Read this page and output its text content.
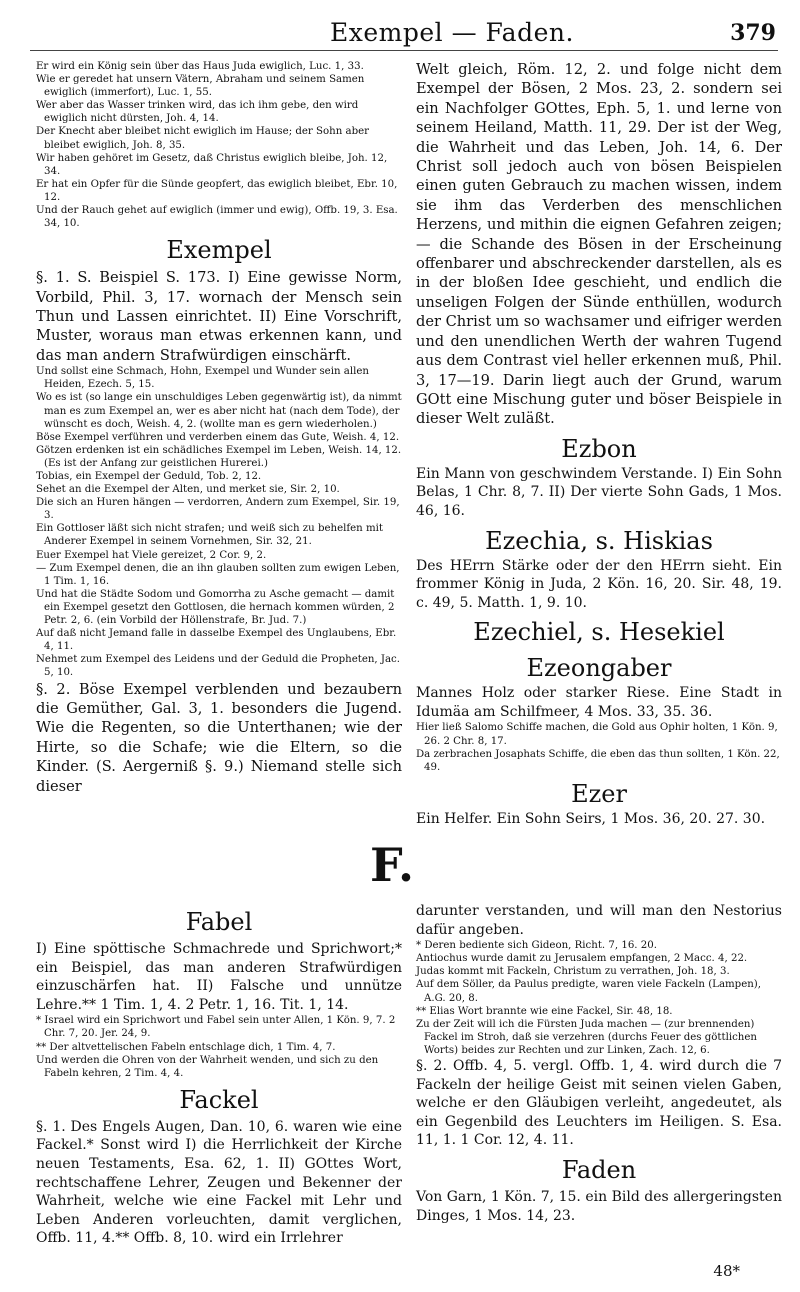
Exempel — Faden.	379

Er wird ein König sein über das Haus Juda ewiglich, Luc. 1, 33.

Wie er geredet hat unsern Vätern, Abraham und seinem Samen ewiglich (immerfort), Luc. 1, 55.

Wer aber das Wasser trinken wird, das ich ihm gebe, den wird ewiglich nicht dürsten, Joh. 4, 14.

Der Knecht aber bleibet nicht ewiglich im Hause; der Sohn aber bleibet ewiglich, Joh. 8, 35.

Wir haben gehöret im Gesetz, daß Christus ewiglich bleibe, Joh. 12, 34.

Er hat ein Opfer für die Sünde geopfert, das ewiglich bleibet, Ebr. 10, 12.

Und der Rauch gehet auf ewiglich (immer und ewig), Offb. 19, 3. Esa. 34, 10.

Exempel

§. 1. S. Beispiel S. 173. I) Eine gewisse Norm, Vorbild, Phil. 3, 17. wornach der Mensch sein Thun und Lassen einrichtet. II) Eine Vorschrift, Muster, woraus man etwas erkennen kann, und das man andern Strafwürdigen einschärft.

Und sollst eine Schmach, Hohn, Exempel und Wunder sein allen Heiden, Ezech. 5, 15.

Wo es ist (so lange ein unschuldiges Leben gegenwärtig ist), da nimmt man es zum Exempel an, wer es aber nicht hat (nach dem Tode), der wünscht es doch, Weish. 4, 2. (wollte man es gern wiederholen.)

Böse Exempel verführen und verderben einem das Gute, Weish. 4, 12.

Götzen erdenken ist ein schädliches Exempel im Leben, Weish. 14, 12. (Es ist der Anfang zur geistlichen Hurerei.)

Tobias, ein Exempel der Geduld, Tob. 2, 12.

Sehet an die Exempel der Alten, und merket sie, Sir. 2, 10.

Die sich an Huren hängen — verdorren, Andern zum Exempel, Sir. 19, 3.

Ein Gottloser läßt sich nicht strafen; und weiß sich zu behelfen mit Anderer Exempel in seinem Vornehmen, Sir. 32, 21.

Euer Exempel hat Viele gereizet, 2 Cor. 9, 2.

— Zum Exempel denen, die an ihn glauben sollten zum ewigen Leben, 1 Tim. 1, 16.

Und hat die Städte Sodom und Gomorrha zu Asche gemacht — damit ein Exempel gesetzt den Gottlosen, die hernach kommen würden, 2 Petr. 2, 6. (ein Vorbild der Höllenstrafe, Br. Jud. 7.)

Auf daß nicht Jemand falle in dasselbe Exempel des Unglaubens, Ebr. 4, 11.

Nehmet zum Exempel des Leidens und der Geduld die Propheten, Jac. 5, 10.

§. 2. Böse Exempel verblenden und bezaubern die Gemüther, Gal. 3, 1. besonders die Jugend. Wie die Regenten, so die Unterthanen; wie der Hirte, so die Schafe; wie die Eltern, so die Kinder. (S. Aergerniß §. 9.) Niemand stelle sich dieser

Welt gleich, Röm. 12, 2. und folge nicht dem Exempel der Bösen, 2 Mos. 23, 2. sondern sei ein Nachfolger GOttes, Eph. 5, 1. und lerne von seinem Heiland, Matth. 11, 29. Der ist der Weg, die Wahrheit und das Leben, Joh. 14, 6. Der Christ soll jedoch auch von bösen Beispielen einen guten Gebrauch zu machen wissen, indem sie ihm das Verderben des menschlichen Herzens, und mithin die eignen Gefahren zeigen; — die Schande des Bösen in der Erscheinung offenbarer und abschreckender darstellen, als es in der bloßen Idee geschieht, und endlich die unseligen Folgen der Sünde enthüllen, wodurch der Christ um so wachsamer und eifriger werden und den unendlichen Werth der wahren Tugend aus dem Contrast viel heller erkennen muß, Phil. 3, 17—19. Darin liegt auch der Grund, warum GOtt eine Mischung guter und böser Beispiele in dieser Welt zuläßt.

Ezbon

Ein Mann von geschwindem Verstande. I) Ein Sohn Belas, 1 Chr. 8, 7. II) Der vierte Sohn Gads, 1 Mos. 46, 16.

Ezechia, s. Hiskias

Des HErrn Stärke oder der den HErrn sieht. Ein frommer König in Juda, 2 Kön. 16, 20. Sir. 48, 19. c. 49, 5. Matth. 1, 9. 10.

Ezechiel, s. Hesekiel
Ezeongaber

Mannes Holz oder starker Riese. Eine Stadt in Idumäa am Schilfmeer, 4 Mos. 33, 35. 36.

Hier ließ Salomo Schiffe machen, die Gold aus Ophir holten, 1 Kön. 9, 26. 2 Chr. 8, 17.

Da zerbrachen Josaphats Schiffe, die eben das thun sollten, 1 Kön. 22, 49.

Ezer

Ein Helfer. Ein Sohn Seirs, 1 Mos. 36, 20. 27. 30.

F.
Fabel

I) Eine spöttische Schmachrede und Sprichwort;* ein Beispiel, das man anderen Strafwürdigen einzuschärfen hat. II) Falsche und unnütze Lehre.** 1 Tim. 1, 4. 2 Petr. 1, 16. Tit. 1, 14.

* Israel wird ein Sprichwort und Fabel sein unter Allen, 1 Kön. 9, 7. 2 Chr. 7, 20. Jer. 24, 9.

** Der altvettelischen Fabeln entschlage dich, 1 Tim. 4, 7.

Und werden die Ohren von der Wahrheit wenden, und sich zu den Fabeln kehren, 2 Tim. 4, 4.

Fackel

§. 1. Des Engels Augen, Dan. 10, 6. waren wie eine Fackel.* Sonst wird I) die Herrlichkeit der Kirche neuen Testaments, Esa. 62, 1. II) GOttes Wort, rechtschaffene Lehrer, Zeugen und Bekenner der Wahrheit, welche wie eine Fackel mit Lehr und Leben Anderen vorleuchten, damit verglichen, Offb. 11, 4.** Offb. 8, 10. wird ein Irrlehrer

darunter verstanden, und will man den Nestorius dafür angeben.

* Deren bediente sich Gideon, Richt. 7, 16. 20.

Antiochus wurde damit zu Jerusalem empfangen, 2 Macc. 4, 22.

Judas kommt mit Fackeln, Christum zu verrathen, Joh. 18, 3.

Auf dem Söller, da Paulus predigte, waren viele Fackeln (Lampen), A.G. 20, 8.

** Elias Wort brannte wie eine Fackel, Sir. 48, 18.

Zu der Zeit will ich die Fürsten Juda machen — (zur brennenden) Fackel im Stroh, daß sie verzehren (durchs Feuer des göttlichen Worts) beides zur Rechten und zur Linken, Zach. 12, 6.

§. 2. Offb. 4, 5. vergl. Offb. 1, 4. wird durch die 7 Fackeln der heilige Geist mit seinen vielen Gaben, welche er den Gläubigen verleiht, angedeutet, als ein Gegenbild des Leuchters im Heiligen. S. Esa. 11, 1. 1 Cor. 12, 4. 11.

Faden

Von Garn, 1 Kön. 7, 15. ein Bild des allergeringsten Dinges, 1 Mos. 14, 23.

48*
